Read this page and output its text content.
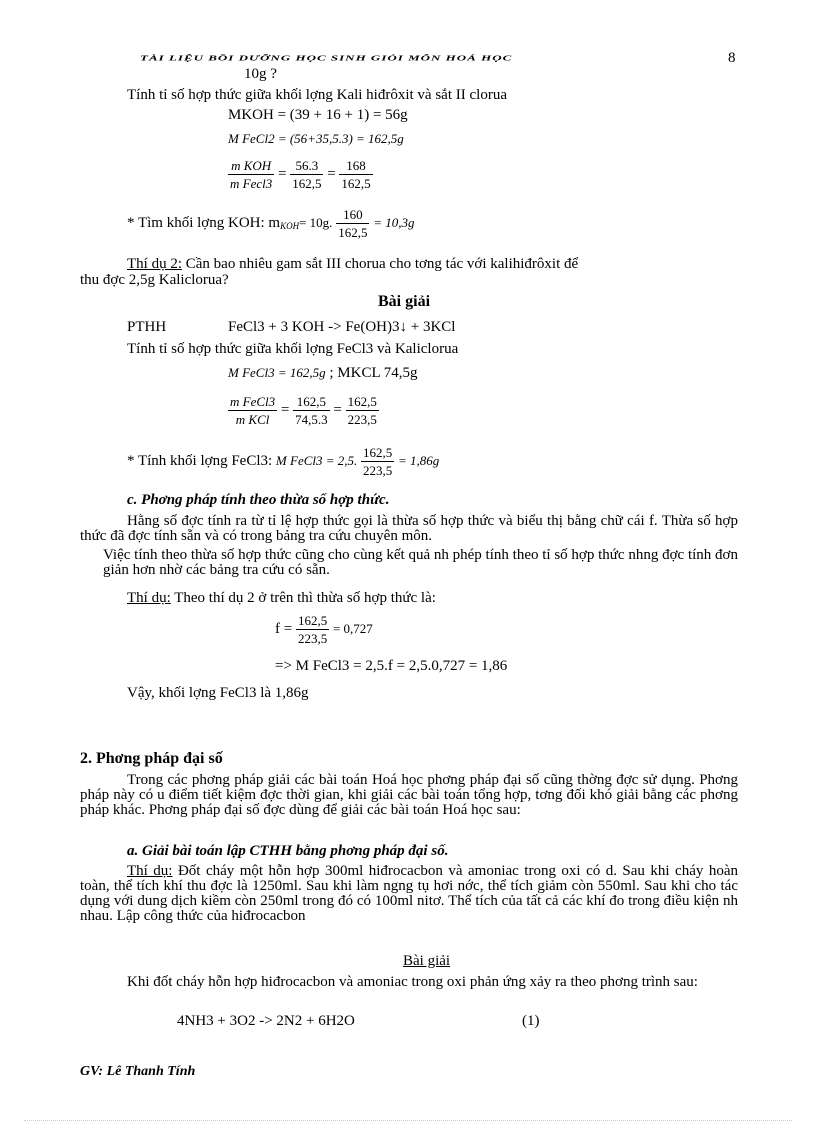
TÀI LIỆU BỒI DƯỠNG HỌC SINH GIỎI MÔN HOÁ HỌC	8
10g ?
Tính tỉ số hợp thức giữa khối lợng Kali hiđrôxit và sắt II clorua
MKOH = (39 + 16 + 1) = 56g
M FeCl2 = (56+35,5.3) = 162,5g
$\frac{\text{m KOH}}{\text{m Fecl3}} = \frac{56.3}{162,5} = \frac{168}{162,5}$
* Tìm khối lợng KOH: $m_{KOH}= 10g$. $\frac{160}{162,5} = 10,3g$
Thí dụ 2: Cần bao nhiêu gam sắt III chorua cho tơng tác với kalihiđrôxit để
thu đợc 2,5g Kaliclorua?
Bài giải
PTHH	FeCl3 + 3 KOH -> Fe(OH)3↓ + 3KCl
Tính tỉ số hợp thức giữa khối lợng FeCl3 và Kaliclorua
M FeCl3 = 162,5g ; MKCL 74,5g
$\frac{\text{m FeCl3}}{\text{m KCl}} = \frac{162,5}{74,5.3} = \frac{162,5}{223,5}$
* Tính khối lợng FeCl3: M FeCl3 = 2,5. $\frac{162,5}{223,5} = 1,86g$
c. Phơng pháp tính theo thừa số hợp thức.
Hằng số đợc tính ra từ tỉ lệ hợp thức gọi là thừa số hợp thức và biểu thị bằng chữ cái f. Thừa số hợp thức đã đợc tính sẵn và có trong bảng tra cứu chuyên môn.
Việc tính theo thừa số hợp thức cũng cho cùng kết quả nh phép tính theo tỉ số hợp thức nhng đợc tính đơn giản hơn nhờ các bảng tra cứu có sẵn.
Thí dụ: Theo thí dụ 2 ở trên thì thừa số hợp thức là:
$f = \frac{162,5}{223,5} = 0,727$
=> M FeCl3 = 2,5.f = 2,5.0,727 = 1,86
Vậy, khối lợng FeCl3 là 1,86g
2. Phơng pháp đại số
Trong các phơng pháp giải các bài toán Hoá học phơng pháp đại số cũng thờng đợc sử dụng. Phơng pháp này có u điểm tiết kiệm đợc thời gian, khi giải các bài toán tổng hợp, tơng đối khó giải bằng các phơng pháp khác. Phơng pháp đại số đợc dùng để giải các bài toán Hoá học sau:
a. Giải bài toán lập CTHH bằng phơng pháp đại số.
Thí dụ: Đốt cháy một hỗn hợp 300ml hiđrocacbon và amoniac trong oxi có d. Sau khi cháy hoàn toàn, thể tích khí thu đợc là 1250ml. Sau khi làm ngng tụ hơi nớc, thể tích giảm còn 550ml. Sau khi cho tác dụng với dung dịch kiềm còn 250ml trong đó có 100ml nitơ. Thể tích của tất cả các khí đo trong điều kiện nh nhau. Lập công thức của hiđrocacbon
Bài giải
Khi đốt cháy hỗn hợp hiđrocacbon và amoniac trong oxi phản ứng xảy ra theo phơng trình sau:
4NH3 + 3O2 -> 2N2 + 6H2O	(1)
GV: Lê Thanh Tính
